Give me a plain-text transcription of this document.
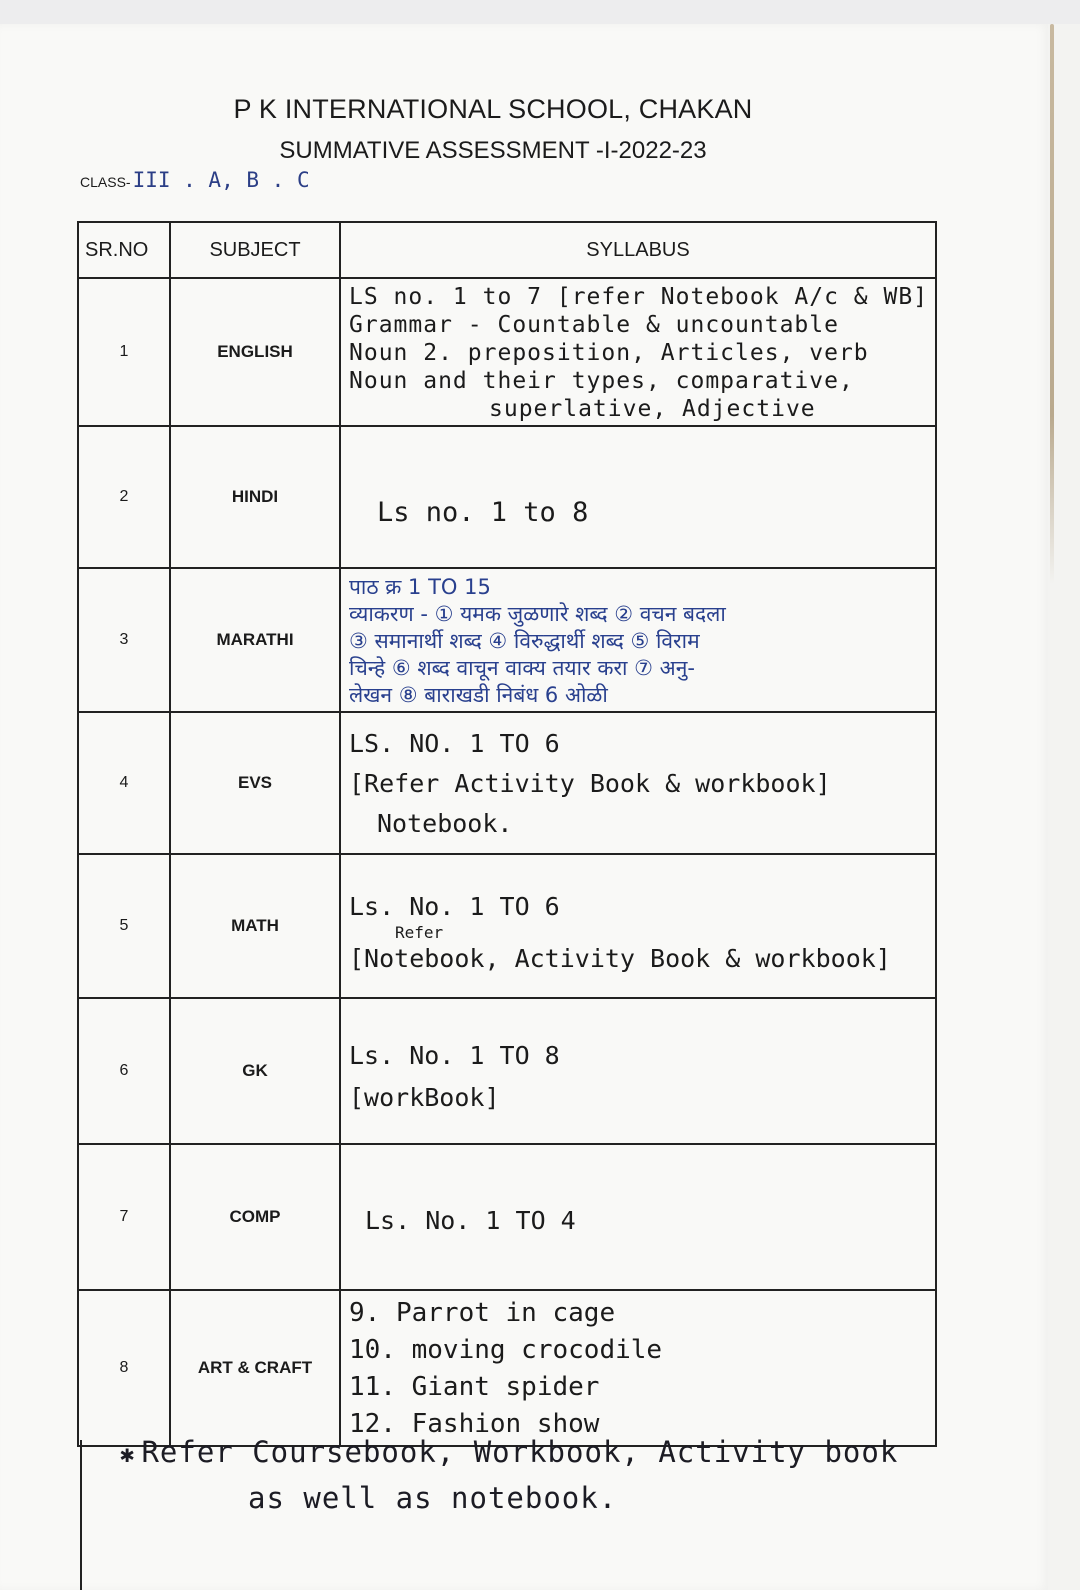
P K INTERNATIONAL SCHOOL, CHAKAN
SUMMATIVE ASSESSMENT -I-2022-23
CLASS-III . A, B . C
SR.NO	SUBJECT	SYLLABUS
1	ENGLISH	LS no. 1 to 7 [refer Notebook A/c & WB]
Grammar - Countable & uncountable
Noun 2. preposition, Articles, verb
Noun and their types, comparative,
superlative, Adjective

2	HINDI	Ls no. 1 to 8

3	MARATHI	पाठ क्र 1 TO 15
व्याकरण - ① यमक जुळणारे शब्द ② वचन बदला
③ समानार्थी शब्द ④ विरुद्धार्थी शब्द ⑤ विराम
चिन्हे ⑥ शब्द वाचून वाक्य तयार करा ⑦ अनु-
लेखन ⑧ बाराखडी निबंध 6 ओळी

4	EVS	LS. NO. 1 TO 6
[Refer Activity Book & workbook]
Notebook.

5	MATH	Ls. No. 1 TO 6
Refer
[Notebook, Activity Book & workbook]

6	GK	Ls. No. 1 TO 8
[workBook]

7	COMP	Ls. No. 1 TO 4

8	ART & CRAFT	9. Parrot in cage
10. moving crocodile
11. Giant spider
12. Fashion show
✱ Refer Coursebook, Workbook, Activity book
as well as notebook.
